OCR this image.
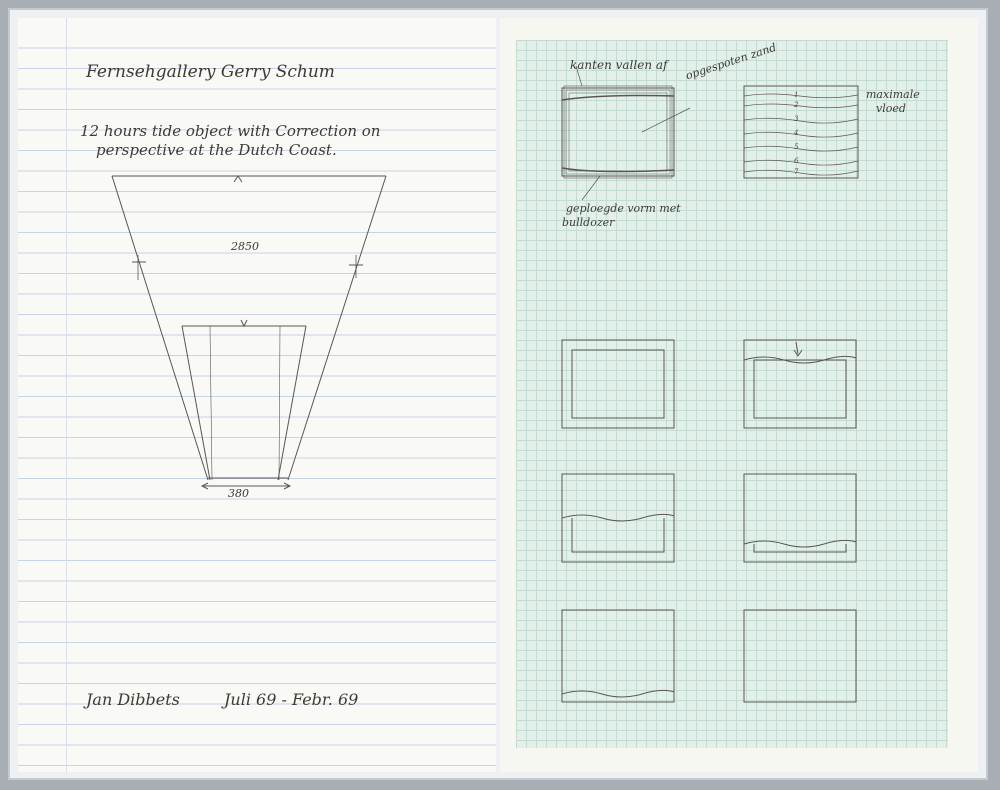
Fernsehgallery Gerry Schum
12 hours tide object with Correction on
perspective at the Dutch Coast.
2850
380
Jan Dibbets	Juli 69 - Febr. 69
kanten vallen af opgespoten zand
maximale
vloed
geploegde vorm met
bulldozer
1
2
3
4
5
6
7
